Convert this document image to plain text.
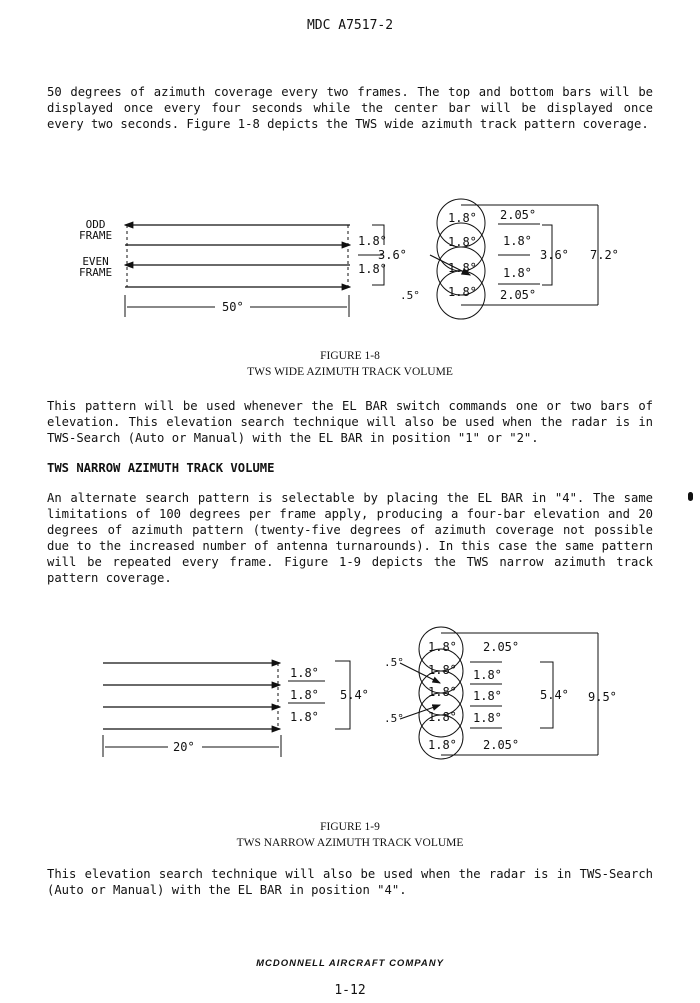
MDC A7517-2
50 degrees of azimuth coverage every two frames. The top and bottom bars will be displayed once every four seconds while the center bar will be displayed once every two seconds. Figure 1-8 depicts the TWS wide azimuth track pattern coverage.
50°
1.8°
1.8°
3.6°
1.8°
1.8°
1.8°
1.8°
.5°
2.05°
1.8°
1.8°
2.05°
3.6° 7.2°
ODD
FRAME
EVEN
FRAME
FIGURE 1-8
TWS WIDE AZIMUTH TRACK VOLUME
This pattern will be used whenever the EL BAR switch commands one or two bars of elevation. This elevation search technique will also be used when the radar is in TWS-Search (Auto or Manual) with the EL BAR in position "1" or "2".
TWS NARROW AZIMUTH TRACK VOLUME
An alternate search pattern is selectable by placing the EL BAR in "4". The same limitations of 100 degrees per frame apply, producing a four-bar elevation and 20 degrees of azimuth pattern (twenty-five degrees of azimuth coverage not possible due to the increased number of antenna turnarounds). In this case the same pattern will be repeated every frame. Figure 1-9 depicts the TWS narrow azimuth track pattern coverage.
20°
1.8°
1.8°
1.8°
5.4°
1.8°
1.8°
1.8°
1.8°
1.8°
.5°
.5°
2.05°
1.8°
1.8°
1.8°
2.05°
5.4° 9.5°
FIGURE 1-9
TWS NARROW AZIMUTH TRACK VOLUME
This elevation search technique will also be used when the radar is in TWS-Search (Auto or Manual) with the EL BAR in position "4".
MCDONNELL AIRCRAFT COMPANY
1-12
